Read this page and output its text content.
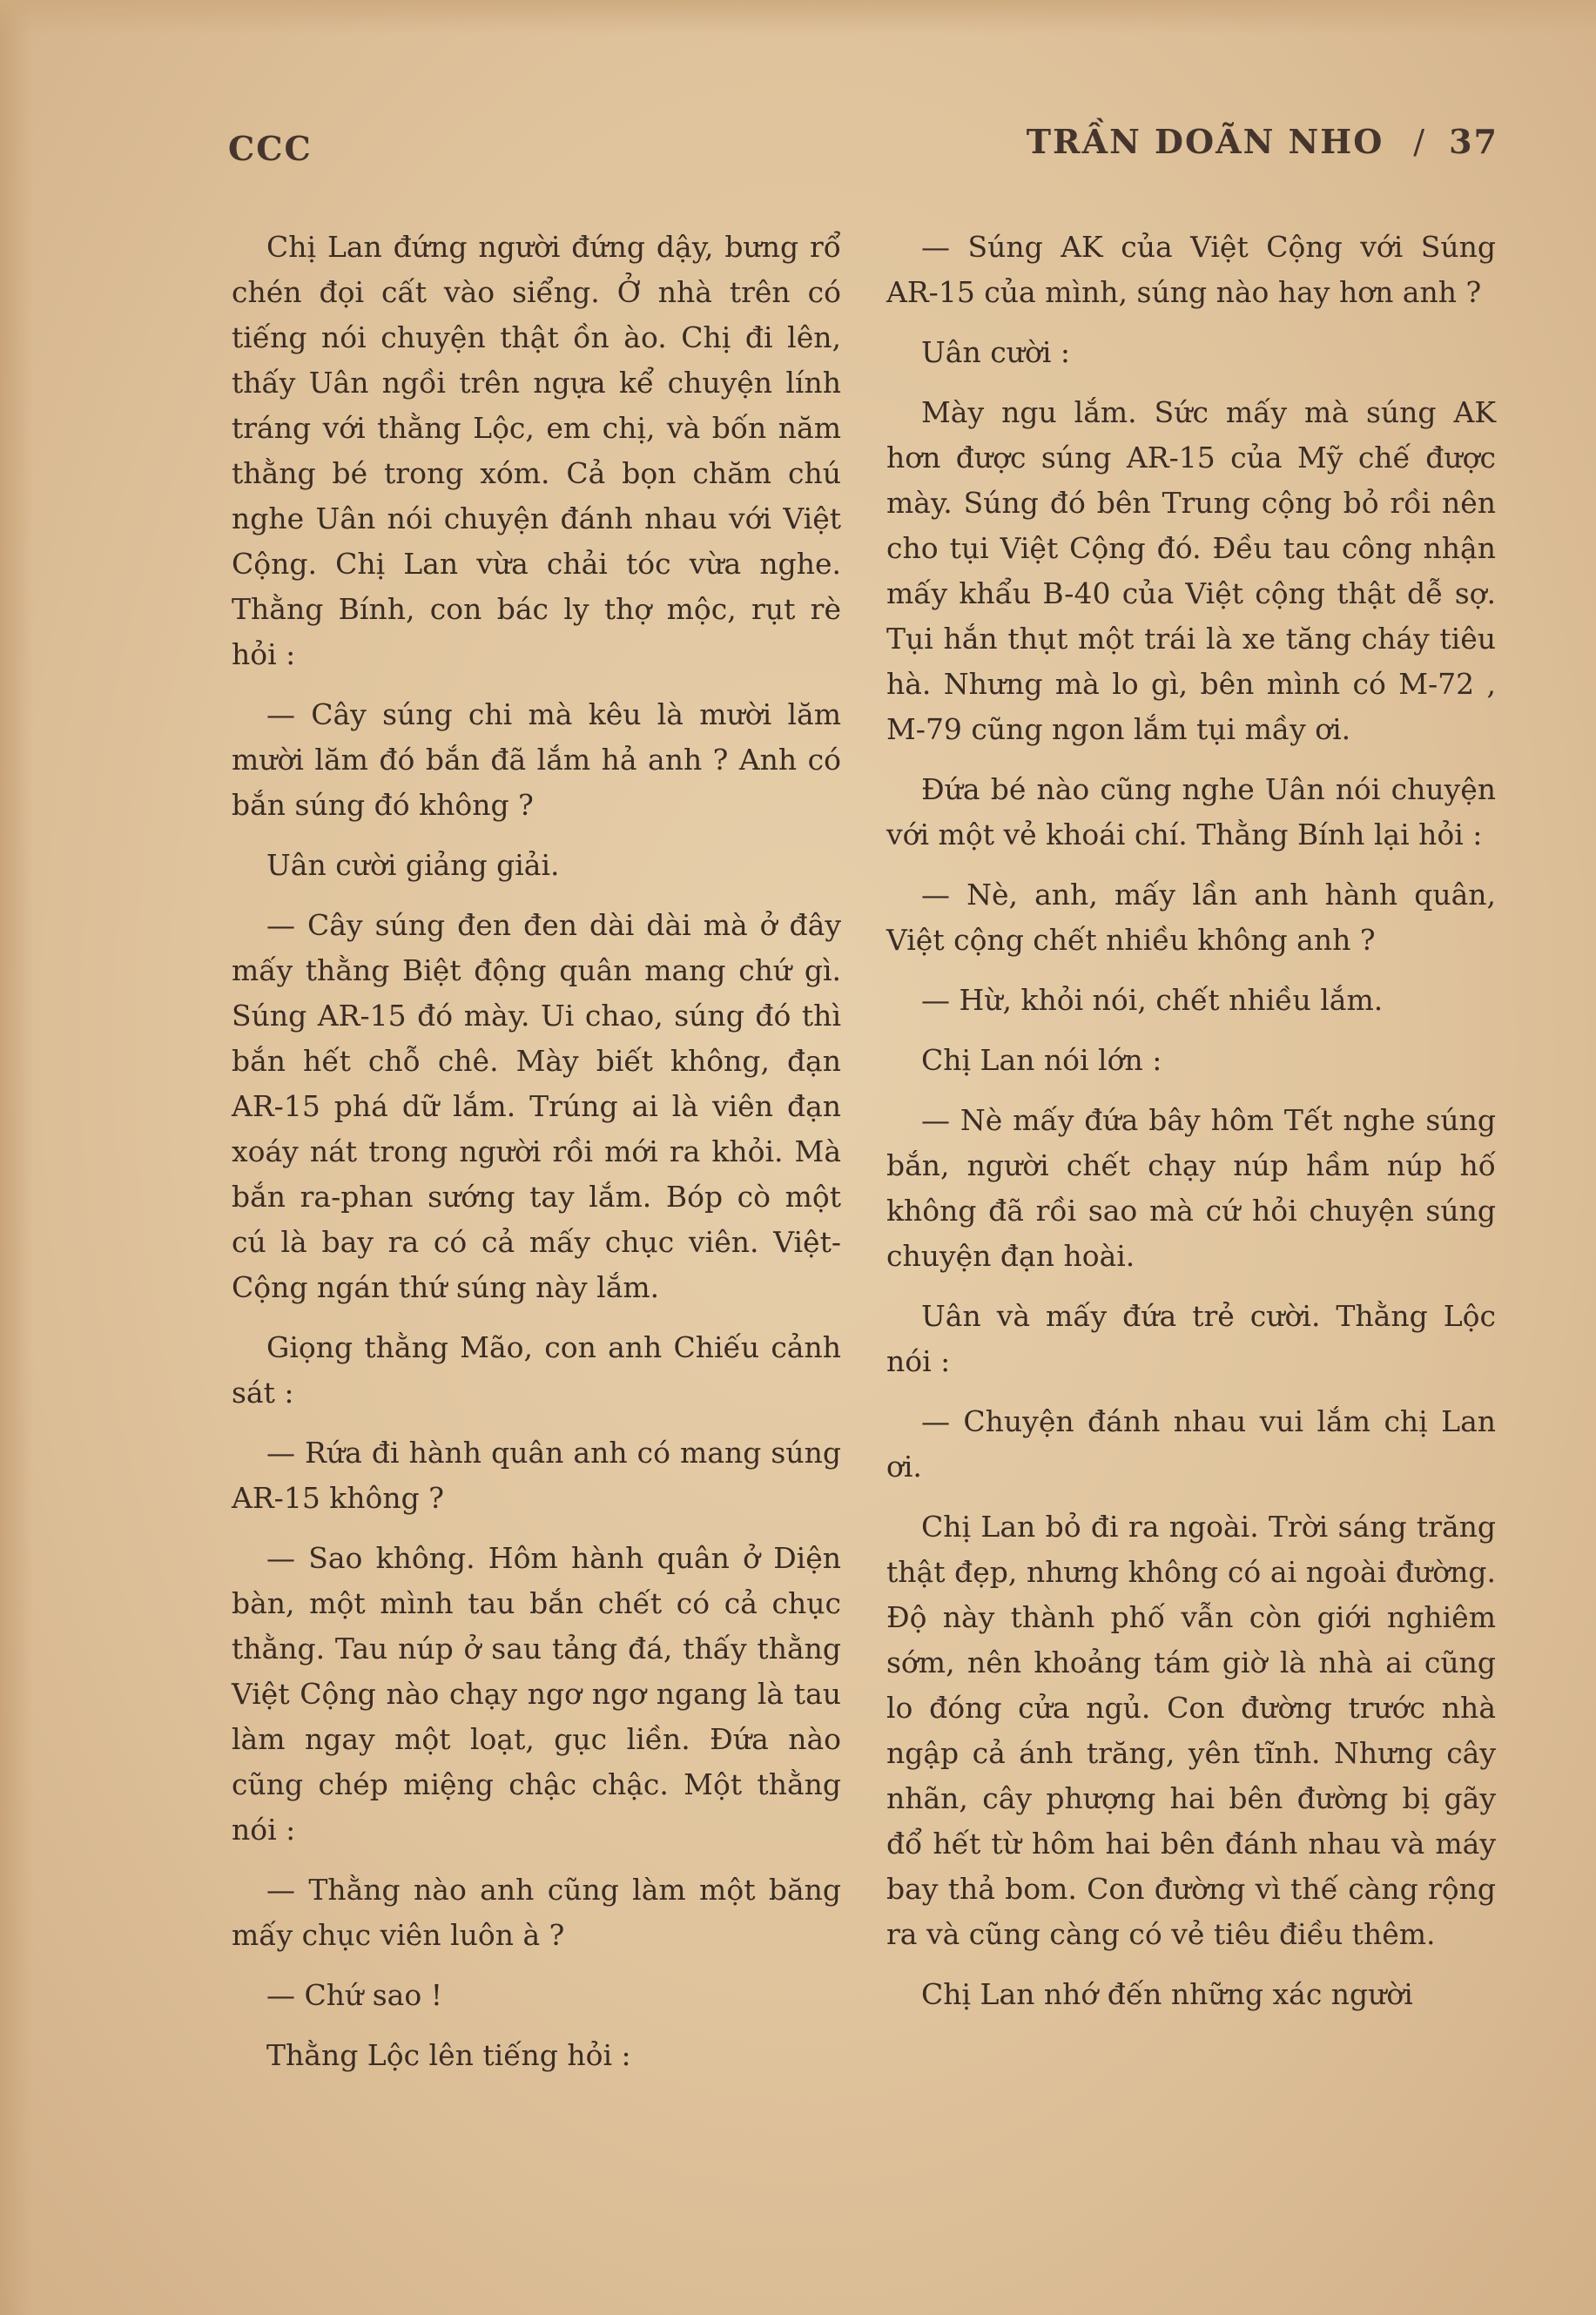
CCC	TRẦN DOÃN NHO / 37

Chị Lan đứng người đứng dậy, bưng rổ chén đọi cất vào siểng. Ở nhà trên có tiếng nói chuyện thật ồn ào. Chị đi lên, thấy Uân ngồi trên ngựa kể chuyện lính tráng với thằng Lộc, em chị, và bốn năm thằng bé trong xóm. Cả bọn chăm chú nghe Uân nói chuyện đánh nhau với Việt Cộng. Chị Lan vừa chải tóc vừa nghe. Thằng Bính, con bác ly thợ mộc, rụt rè hỏi :

— Cây súng chi mà kêu là mười lăm mười lăm đó bắn đã lắm hả anh ? Anh có bắn súng đó không ?

Uân cười giảng giải.

— Cây súng đen đen dài dài mà ở đây mấy thằng Biệt động quân mang chứ gì. Súng AR-15 đó mày. Ui chao, súng đó thì bắn hết chỗ chê. Mày biết không, đạn AR-15 phá dữ lắm. Trúng ai là viên đạn xoáy nát trong người rồi mới ra khỏi. Mà bắn ra-phan sướng tay lắm. Bóp cò một cú là bay ra có cả mấy chục viên. Việt-Cộng ngán thứ súng này lắm.

Giọng thằng Mão, con anh Chiếu cảnh sát :

— Rứa đi hành quân anh có mang súng AR-15 không ?

— Sao không. Hôm hành quân ở Diện bàn, một mình tau bắn chết có cả chục thằng. Tau núp ở sau tảng đá, thấy thằng Việt Cộng nào chạy ngơ ngơ ngang là tau làm ngay một loạt, gục liền. Đứa nào cũng chép miệng chậc chậc. Một thằng nói :

— Thằng nào anh cũng làm một băng mấy chục viên luôn à ?

— Chứ sao !

Thằng Lộc lên tiếng hỏi :

— Súng AK của Việt Cộng với Súng AR-15 của mình, súng nào hay hơn anh ?

Uân cười :

Mày ngu lắm. Sức mấy mà súng AK hơn được súng AR-15 của Mỹ chế được mày. Súng đó bên Trung cộng bỏ rồi nên cho tụi Việt Cộng đó. Đều tau công nhận mấy khẩu B-40 của Việt cộng thật dễ sợ. Tụi hắn thụt một trái là xe tăng cháy tiêu hà. Nhưng mà lo gì, bên mình có M-72 , M-79 cũng ngon lắm tụi mầy ơi.

Đứa bé nào cũng nghe Uân nói chuyện với một vẻ khoái chí. Thằng Bính lại hỏi :

— Nè, anh, mấy lần anh hành quân, Việt cộng chết nhiều không anh ?

— Hừ, khỏi nói, chết nhiều lắm.

Chị Lan nói lớn :

— Nè mấy đứa bây hôm Tết nghe súng bắn, người chết chạy núp hầm núp hố không đã rồi sao mà cứ hỏi chuyện súng chuyện đạn hoài.

Uân và mấy đứa trẻ cười. Thằng Lộc nói :

— Chuyện đánh nhau vui lắm chị Lan ơi.

Chị Lan bỏ đi ra ngoài. Trời sáng trăng thật đẹp, nhưng không có ai ngoài đường. Độ này thành phố vẫn còn giới nghiêm sớm, nên khoảng tám giờ là nhà ai cũng lo đóng cửa ngủ. Con đường trước nhà ngập cả ánh trăng, yên tĩnh. Nhưng cây nhãn, cây phượng hai bên đường bị gãy đổ hết từ hôm hai bên đánh nhau và máy bay thả bom. Con đường vì thế càng rộng ra và cũng càng có vẻ tiêu điều thêm.

Chị Lan nhớ đến những xác người
